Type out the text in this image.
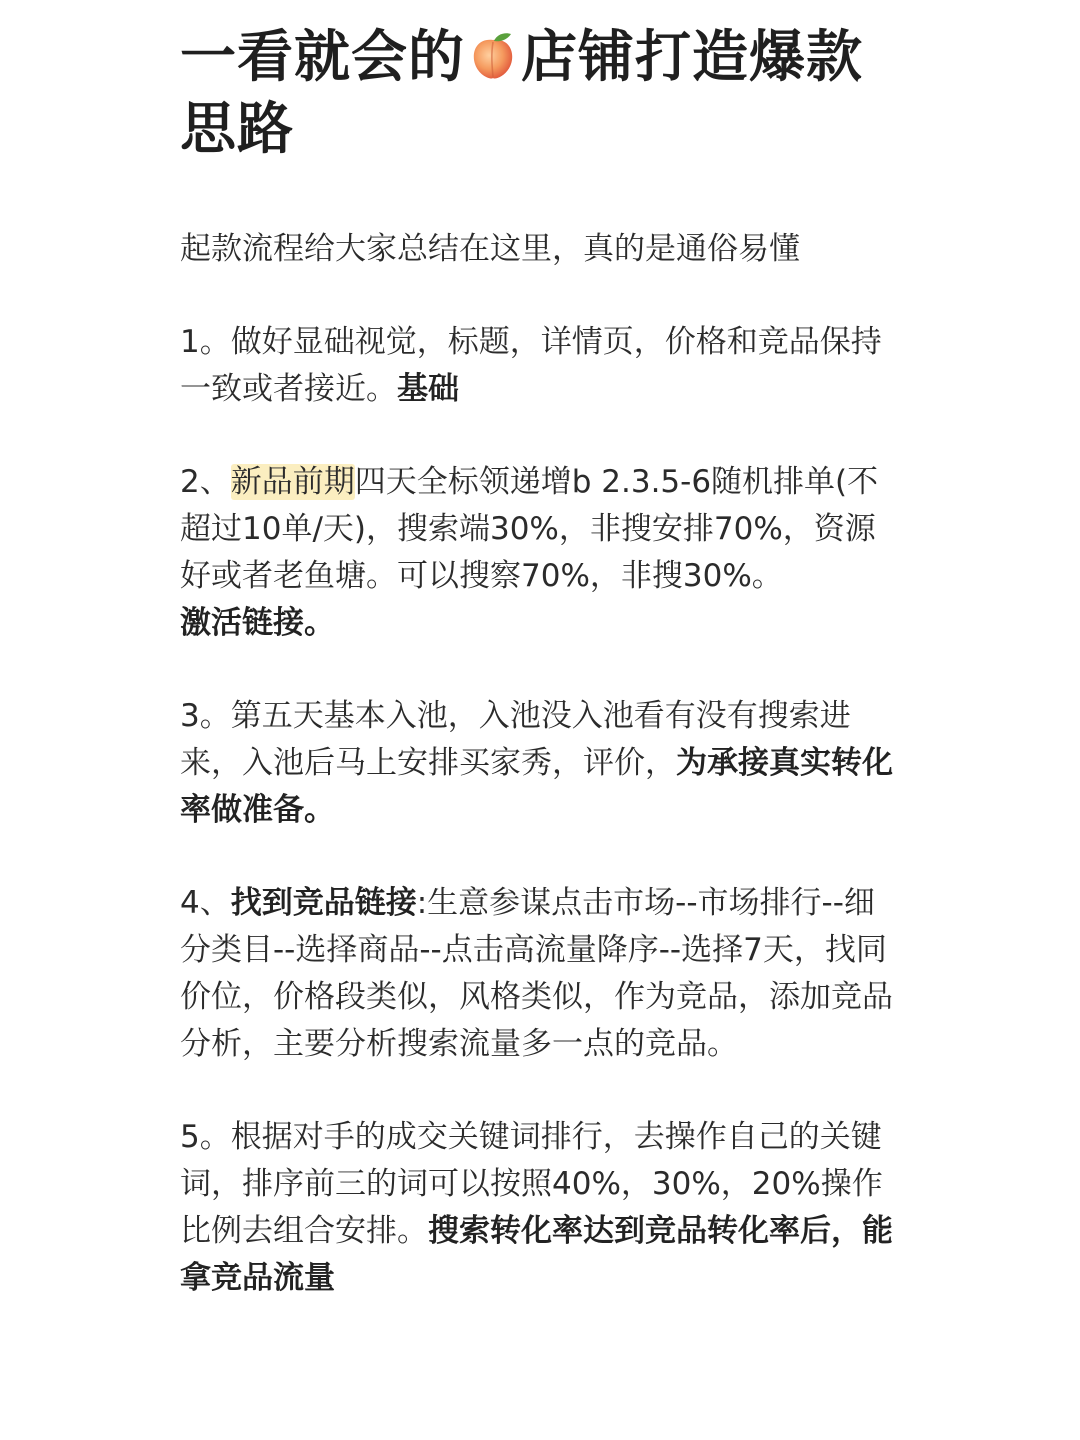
一看就会的 店铺打造爆款思路

起款流程给大家总结在这里，真的是通俗易懂

1。做好显础视觉，标题，详情页，价格和竞品保持一致或者接近。基础

2、新品前期四天全标领递增b 2.3.5-6随机排单(不超过10单/天)，搜索端30%，非搜安排70%，资源好或者老鱼塘。可以搜察70%，非搜30%。
激活链接。

3。第五天基本入池，入池没入池看有没有搜索进来，入池后马上安排买家秀，评价，为承接真实转化率做准备。

4、找到竞品链接:生意参谋点击市场--市场排行--细分类目--选择商品--点击高流量降序--选择7天，找同价位，价格段类似，风格类似，作为竞品，添加竞品分析，主要分析搜索流量多一点的竞品。

5。根据对手的成交关键词排行，去操作自己的关键词，排序前三的词可以按照40%，30%，20%操作比例去组合安排。搜索转化率达到竞品转化率后，能拿竞品流量
